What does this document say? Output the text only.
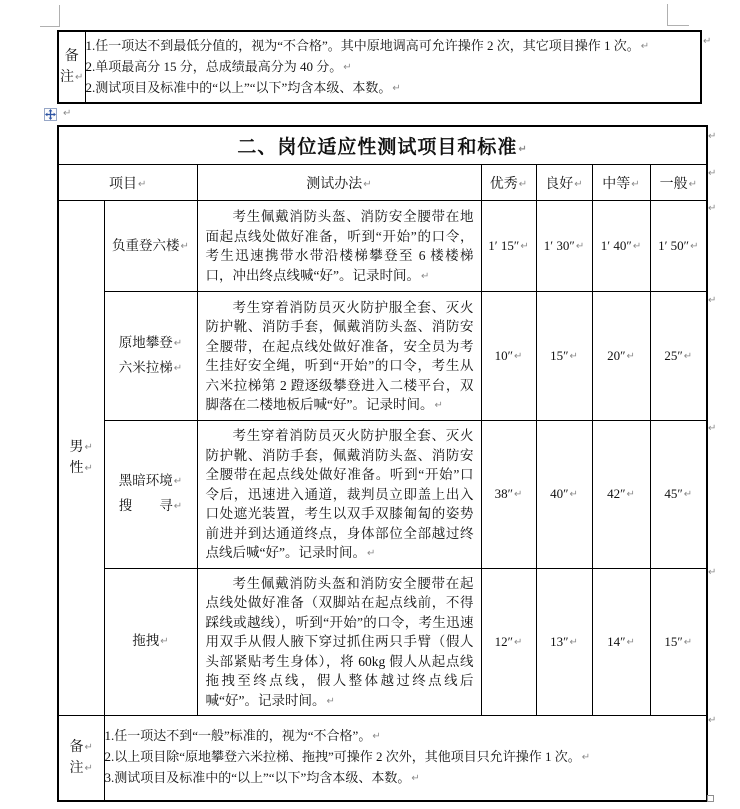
备
注 ↵

1.任一项达不到最低分值的，视为“不合格”。其中原地调高可允许操作 2 次，其它项目操作 1 次。 ↵
2.单项最高分 15 分，总成绩最高分为 40 分。 ↵
2.测试项目及标准中的“以上”“以下”均含本级、本数。 ↵
↵
↵
二、岗位适应性测试项目和标准 ↵
项目 ↵		测试办法 ↵	优秀 ↵	良好 ↵	中等 ↵	一般 ↵

男 ↵
性 ↵	负重登六楼 ↵	考生佩戴消防头盔、消防安全腰带在地面起点线处做好准备，听到“开始”的口令，考生迅速携带水带沿楼梯攀登至 6 楼楼梯口，冲出终点线喊“好”。记录时间。 ↵	1′ 15″ ↵	1′ 30″ ↵	1′ 40″ ↵	1′ 50″ ↵

	原地攀登 ↵
六米拉梯 ↵	考生穿着消防员灭火防护服全套、灭火防护靴、消防手套，佩戴消防头盔、消防安全腰带，在起点线处做好准备，安全员为考生挂好安全绳，听到“开始”的口令，考生从六米拉梯第 2 蹬逐级攀登进入二楼平台，双脚落在二楼地板后喊“好”。记录时间。 ↵	10″ ↵	15″ ↵	20″ ↵	25″ ↵

	黑暗环境 ↵
搜　　寻 ↵	考生穿着消防员灭火防护服全套、灭火防护靴、消防手套，佩戴消防头盔、消防安全腰带在起点线处做好准备。听到“开始”口令后，迅速进入通道，裁判员立即盖上出入口处遮光装置，考生以双手双膝匍匐的姿势前进并到达通道终点，身体部位全部越过终点线后喊“好”。记录时间。 ↵	38″ ↵	40″ ↵	42″ ↵	45″ ↵

	拖拽 ↵	考生佩戴消防头盔和消防安全腰带在起点线处做好准备（双脚站在起点线前，不得踩线或越线），听到“开始”的口令，考生迅速用双手从假人腋下穿过抓住两只手臂（假人头部紧贴考生身体），将 60kg 假人从起点线拖拽至终点线，假人整体越过终点线后喊“好”。记录时间。 ↵	12″ ↵	13″ ↵	14″ ↵	15″ ↵

备 ↵
注 ↵

1.任一项达不到“一般”标准的，视为“不合格”。 ↵
2.以上项目除“原地攀登六米拉梯、拖拽”可操作 2 次外，其他项目只允许操作 1 次。 ↵
3.测试项目及标准中的“以上”“以下”均含本级、本数。 ↵
↵
↵
↵
↵
↵
↵
↵
